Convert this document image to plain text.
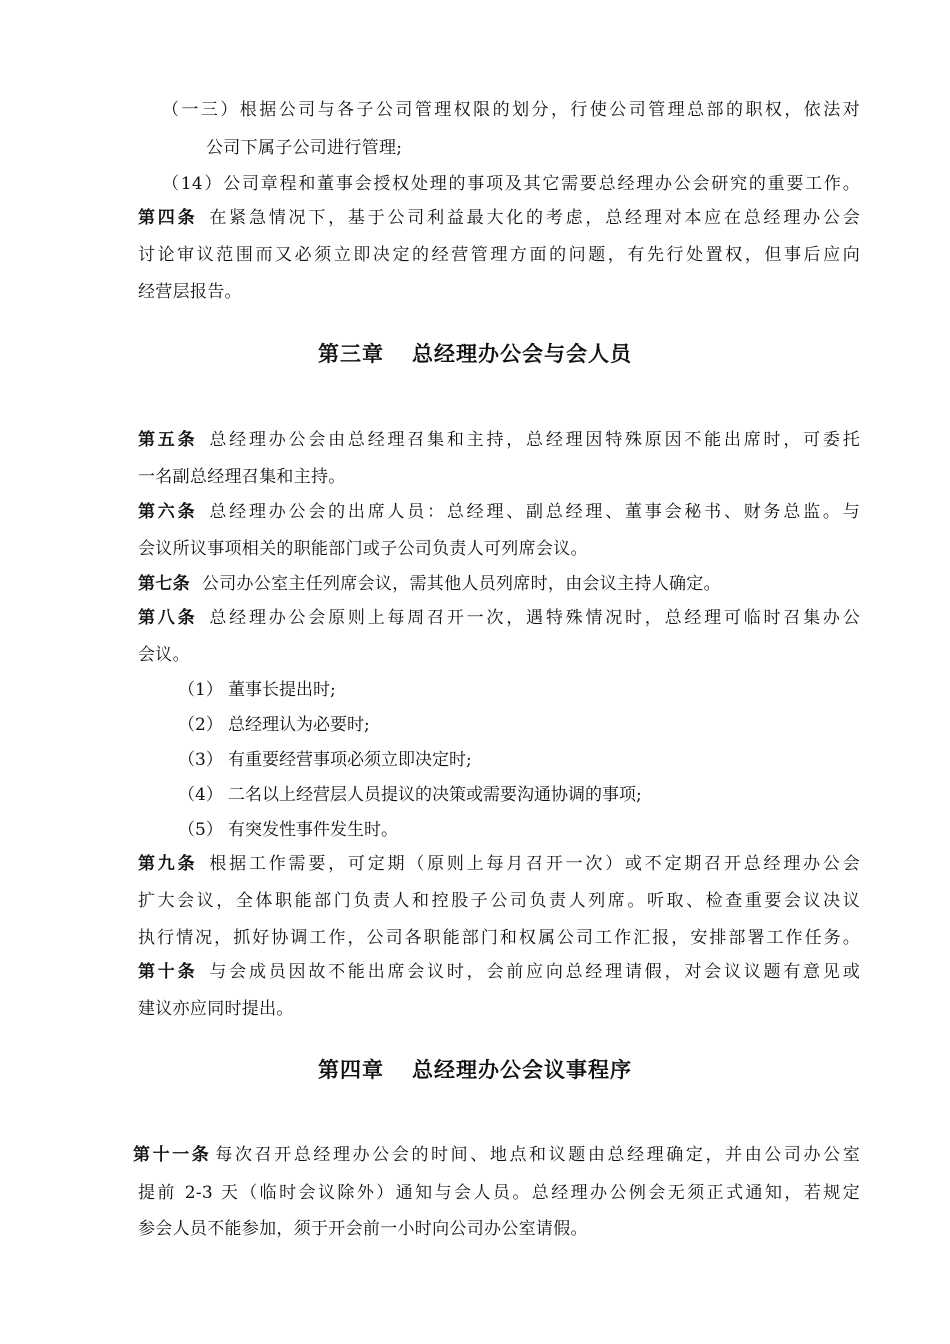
（一三）根据公司与各子公司管理权限的划分，行使公司管理总部的职权，依法对
公司下属子公司进行管理;
（14）公司章程和董事会授权处理的事项及其它需要总经理办公会研究的重要工作。
第四条 在紧急情况下，基于公司利益最大化的考虑，总经理对本应在总经理办公会
讨论审议范围而又必须立即决定的经营管理方面的问题，有先行处置权，但事后应向
经营层报告。
第三章 总经理办公会与会人员
第五条 总经理办公会由总经理召集和主持，总经理因特殊原因不能出席时，可委托
一名副总经理召集和主持。
第六条 总经理办公会的出席人员：总经理、副总经理、董事会秘书、财务总监。与
会议所议事项相关的职能部门或子公司负责人可列席会议。
第七条 公司办公室主任列席会议，需其他人员列席时，由会议主持人确定。
第八条 总经理办公会原则上每周召开一次，遇特殊情况时，总经理可临时召集办公
会议。
（1） 董事长提出时;
（2） 总经理认为必要时;
（3） 有重要经营事项必须立即决定时;
（4） 二名以上经营层人员提议的决策或需要沟通协调的事项;
（5） 有突发性事件发生时。
第九条 根据工作需要，可定期（原则上每月召开一次）或不定期召开总经理办公会
扩大会议，全体职能部门负责人和控股子公司负责人列席。听取、检查重要会议决议
执行情况，抓好协调工作，公司各职能部门和权属公司工作汇报，安排部署工作任务。
第十条 与会成员因故不能出席会议时，会前应向总经理请假，对会议议题有意见或
建议亦应同时提出。
第四章 总经理办公会议事程序
第十一条 每次召开总经理办公会的时间、地点和议题由总经理确定，并由公司办公室
提前 2-3 天（临时会议除外）通知与会人员。总经理办公例会无须正式通知，若规定
参会人员不能参加，须于开会前一小时向公司办公室请假。
